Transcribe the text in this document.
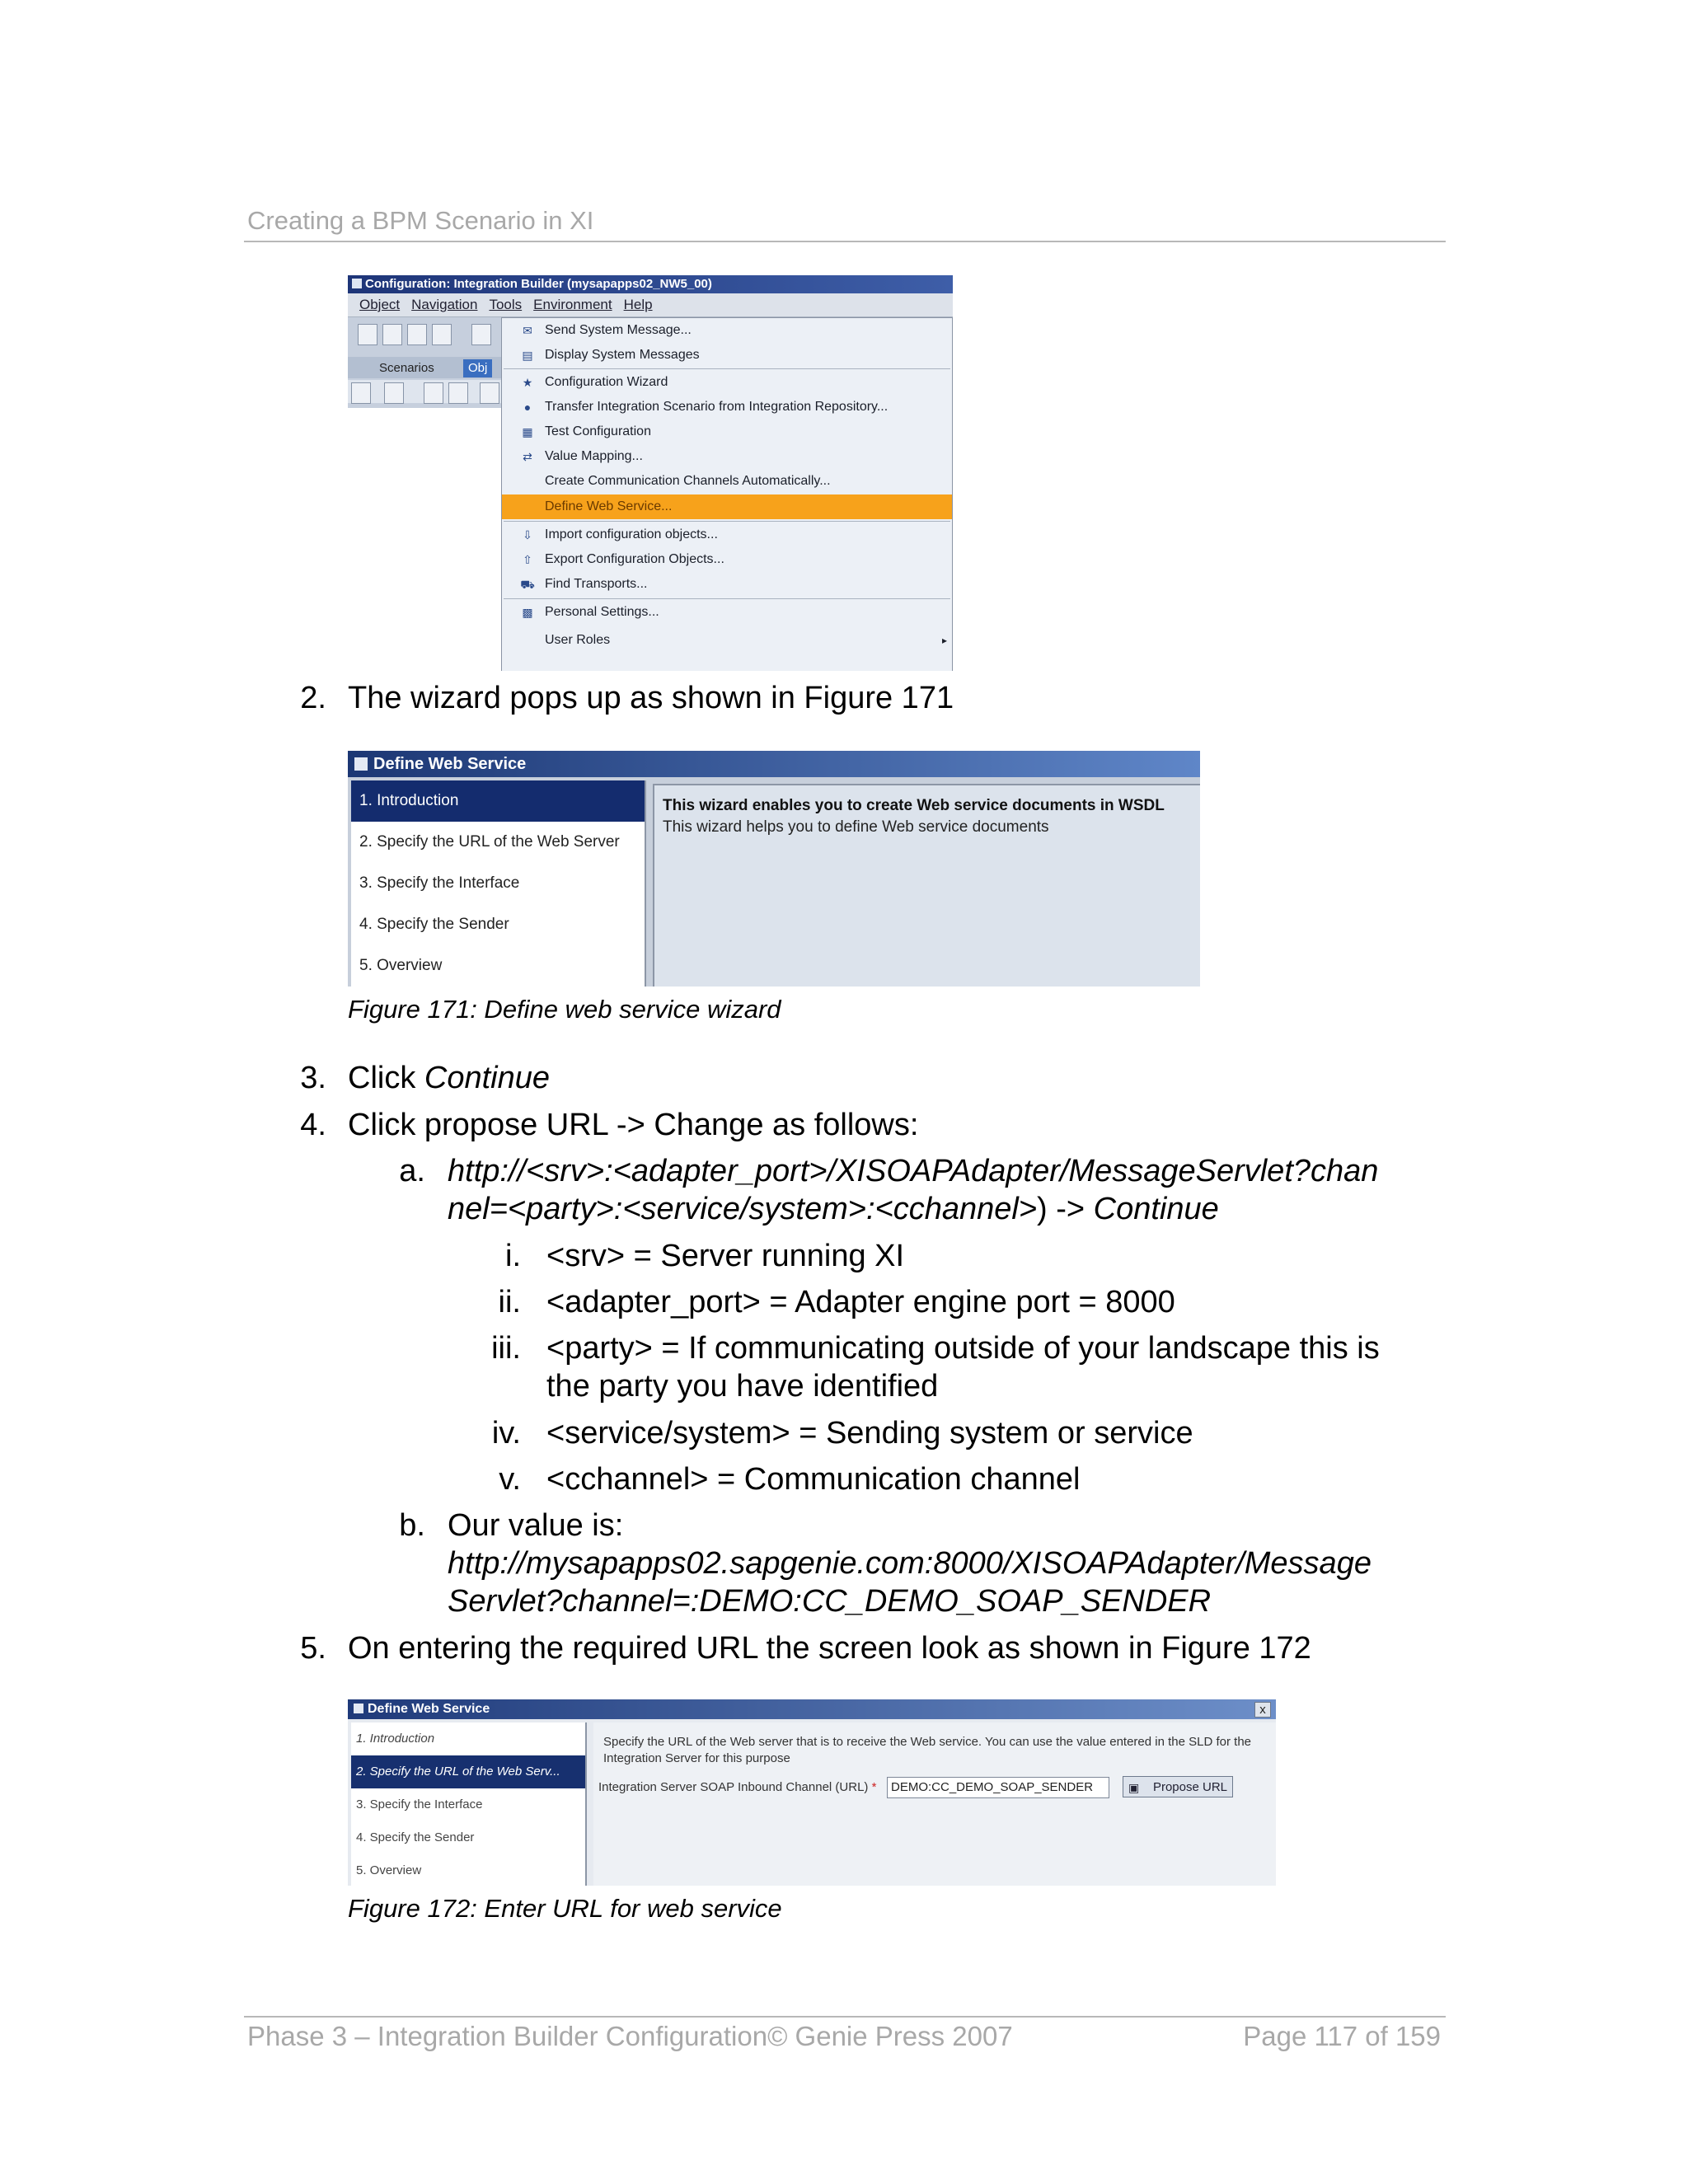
Creating a BPM Scenario in XI
Configuration: Integration Builder (mysapapps02_NW5_00)
Object Navigation Tools Environment Help
Scenarios	Obj
✉ Send System Message...
▤ Display System Messages
★ Configuration Wizard
● Transfer Integration Scenario from Integration Repository...
▦ Test Configuration
⇄ Value Mapping...
Create Communication Channels Automatically...
Define Web Service...
⇩ Import configuration objects...
⇧ Export Configuration Objects...
⛟ Find Transports...
▩ Personal Settings...
User Roles	▸
2. The wizard pops up as shown in Figure 171
Define Web Service
1. Introduction
2. Specify the URL of the Web Server
3. Specify the Interface
4. Specify the Sender
5. Overview
This wizard enables you to create Web service documents in WSDL
This wizard helps you to define Web service documents
Figure 171: Define web service wizard
3. Click Continue
4. Click propose URL -> Change as follows:
a. http://<srv>:<adapter_port>/XISOAPAdapter/MessageServlet?chan
nel=<party>:<service/system>:<cchannel>) -> Continue
i. <srv> = Server running XI
ii. <adapter_port> = Adapter engine port = 8000
iii. <party> = If communicating outside of your landscape this is
the party you have identified
iv. <service/system> = Sending system or service
v. <cchannel> = Communication channel
b. Our value is:
http://mysapapps02.sapgenie.com:8000/XISOAPAdapter/Message
Servlet?channel=:DEMO:CC_DEMO_SOAP_SENDER
5. On entering the required URL the screen look as shown in Figure 172
Define Web Service	x
1. Introduction
2. Specify the URL of the Web Serv...
3. Specify the Interface
4. Specify the Sender
5. Overview
Specify the URL of the Web server that is to receive the Web service. You can use the value entered in the SLD for the Integration Server for this purpose
Integration Server SOAP Inbound Channel (URL) *	DEMO:CC_DEMO_SOAP_SENDER	▣ Propose URL
Figure 172: Enter URL for web service
Phase 3 – Integration Builder Configuration© Genie Press 2007	Page 117 of 159
